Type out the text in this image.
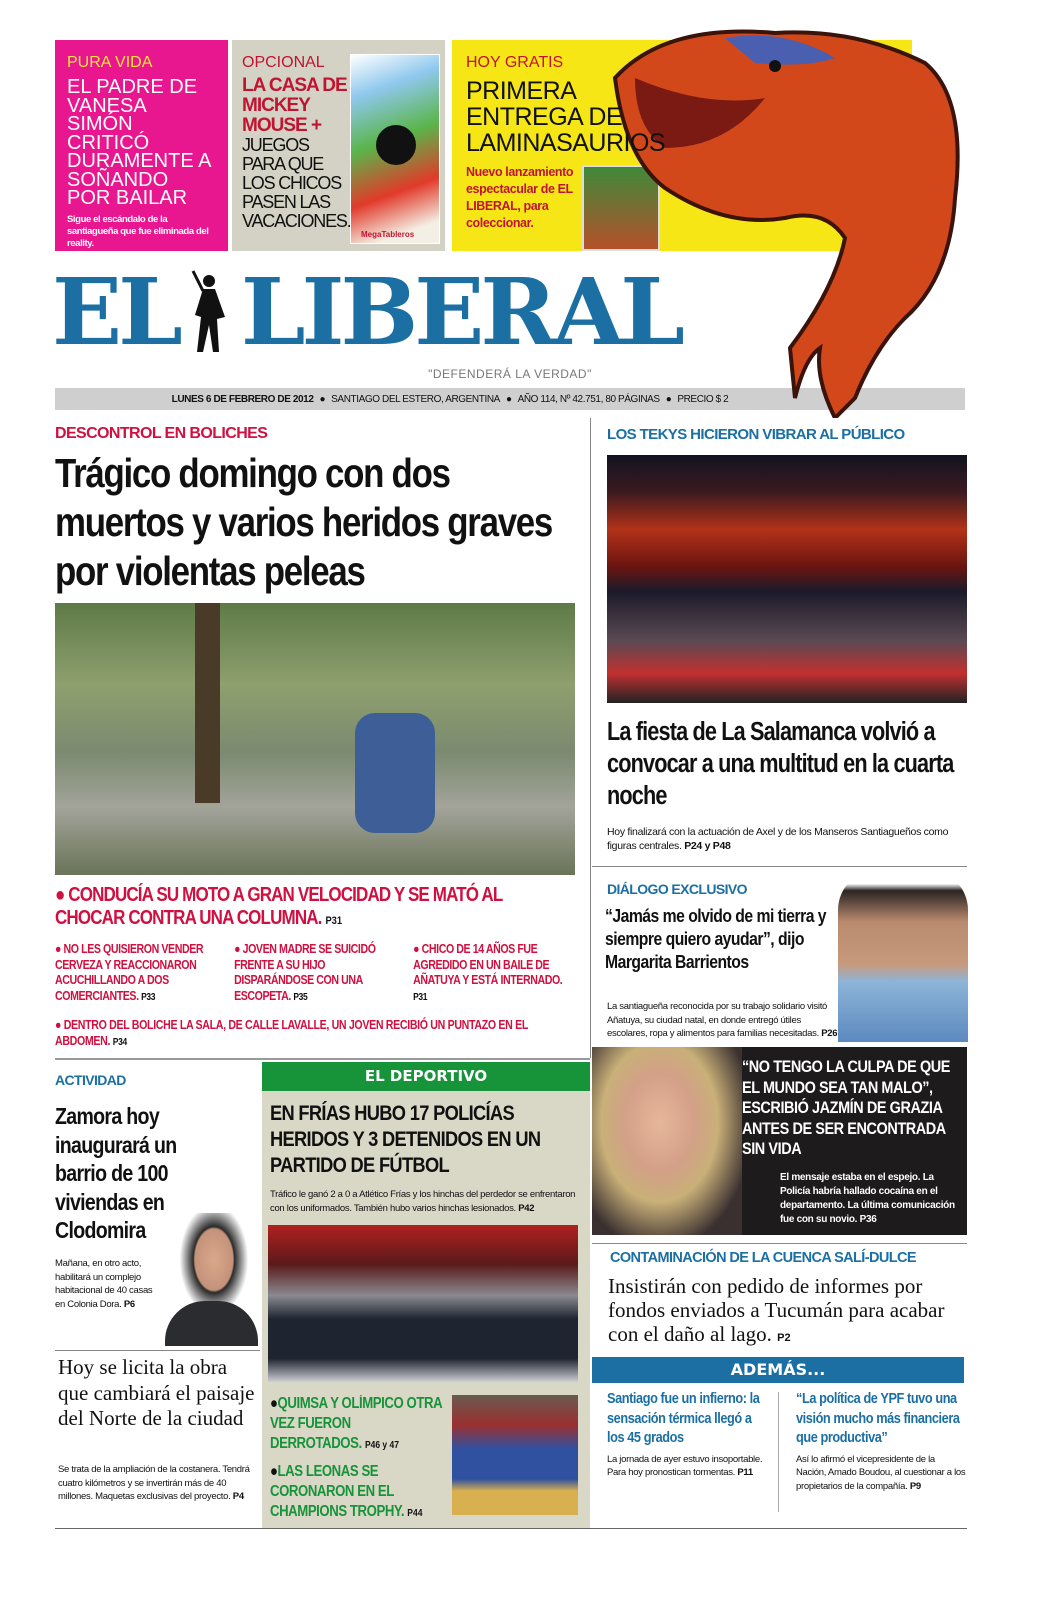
PURA VIDA
EL PADRE DE VANESA SIMÓN CRITICÓ DURAMENTE A SOÑANDO POR BAILAR
Sigue el escándalo de la santiagueña que fue eliminada del reality.
OPCIONAL
LA CASA DE MICKEY MOUSE +
JUEGOS PARA QUE LOS CHICOS PASEN LAS VACACIONES.
MegaTableros
HOY GRATIS
PRIMERA ENTREGA DE LAMINASAURIOS
Nuevo lanzamiento espectacular de EL LIBERAL, para coleccionar.
EL LIBERAL
"DEFENDERÁ LA VERDAD"
LUNES 6 DE FEBRERO DE 2012 ● SANTIAGO DEL ESTERO, ARGENTINA ● AÑO 114, Nº 42.751, 80 PÁGINAS ● PRECIO $ 2
DESCONTROL EN BOLICHES
Trágico domingo con dos muertos y varios heridos graves por violentas peleas
● CONDUCÍA SU MOTO A GRAN VELOCIDAD Y SE MATÓ AL CHOCAR CONTRA UNA COLUMNA. P31
● NO LES QUISIERON VENDER CERVEZA Y REACCIONARON ACUCHILLANDO A DOS COMERCIANTES. P33
● JOVEN MADRE SE SUICIDÓ FRENTE A SU HIJO DISPARÁNDOSE CON UNA ESCOPETA. P35
● CHICO DE 14 AÑOS FUE AGREDIDO EN UN BAILE DE AÑATUYA Y ESTÁ INTERNADO. P31
● DENTRO DEL BOLICHE LA SALA, DE CALLE LAVALLE, UN JOVEN RECIBIÓ UN PUNTAZO EN EL ABDOMEN. P34
LOS TEKYS HICIERON VIBRAR AL PÚBLICO
La fiesta de La Salamanca volvió a convocar a una multitud en la cuarta noche

Hoy finalizará con la actuación de Axel y de los Manseros Santiagueños como figuras centrales. P24 y P48

DIÁLOGO EXCLUSIVO
“Jamás me olvido de mi tierra y siempre quiero ayudar”, dijo Margarita Barrientos

La santiagueña reconocida por su trabajo solidario visitó Añatuya, su ciudad natal, en donde entregó útiles escolares, ropa y alimentos para familias necesitadas. P26

“NO TENGO LA CULPA DE QUE EL MUNDO SEA TAN MALO”, ESCRIBIÓ JAZMÍN DE GRAZIA ANTES DE SER ENCONTRADA SIN VIDA

El mensaje estaba en el espejo. La Policía habría hallado cocaína en el departamento. La última comunicación fue con su novio. P36

CONTAMINACIÓN DE LA CUENCA SALÍ-DULCE
Insistirán con pedido de informes por fondos enviados a Tucumán para acabar con el daño al lago. P2
ADEMÁS...
Santiago fue un infierno: la sensación térmica llegó a los 45 grados

La jornada de ayer estuvo insoportable. Para hoy pronostican tormentas. P11

“La política de YPF tuvo una visión mucho más financiera que productiva”

Así lo afirmó el vicepresidente de la Nación, Amado Boudou, al cuestionar a los propietarios de la compañía. P9

ACTIVIDAD
Zamora hoy inaugurará un barrio de 100 viviendas en Clodomira

Mañana, en otro acto, habilitará un complejo habitacional de 40 casas en Colonia Dora. P6

Hoy se licita la obra que cambiará el paisaje del Norte de la ciudad

Se trata de la ampliación de la costanera. Tendrá cuatro kilómetros y se invertirán más de 40 millones. Maquetas exclusivas del proyecto. P4

EL DEPORTIVO
EN FRÍAS HUBO 17 POLICÍAS HERIDOS Y 3 DETENIDOS EN UN PARTIDO DE FÚTBOL

Tráfico le ganó 2 a 0 a Atlético Frías y los hinchas del perdedor se enfrentaron con los uniformados. También hubo varios hinchas lesionados. P42

●QUIMSA Y OLÍMPICO OTRA VEZ FUERON DERROTADOS. P46 y 47
●LAS LEONAS SE CORONARON EN EL CHAMPIONS TROPHY. P44
